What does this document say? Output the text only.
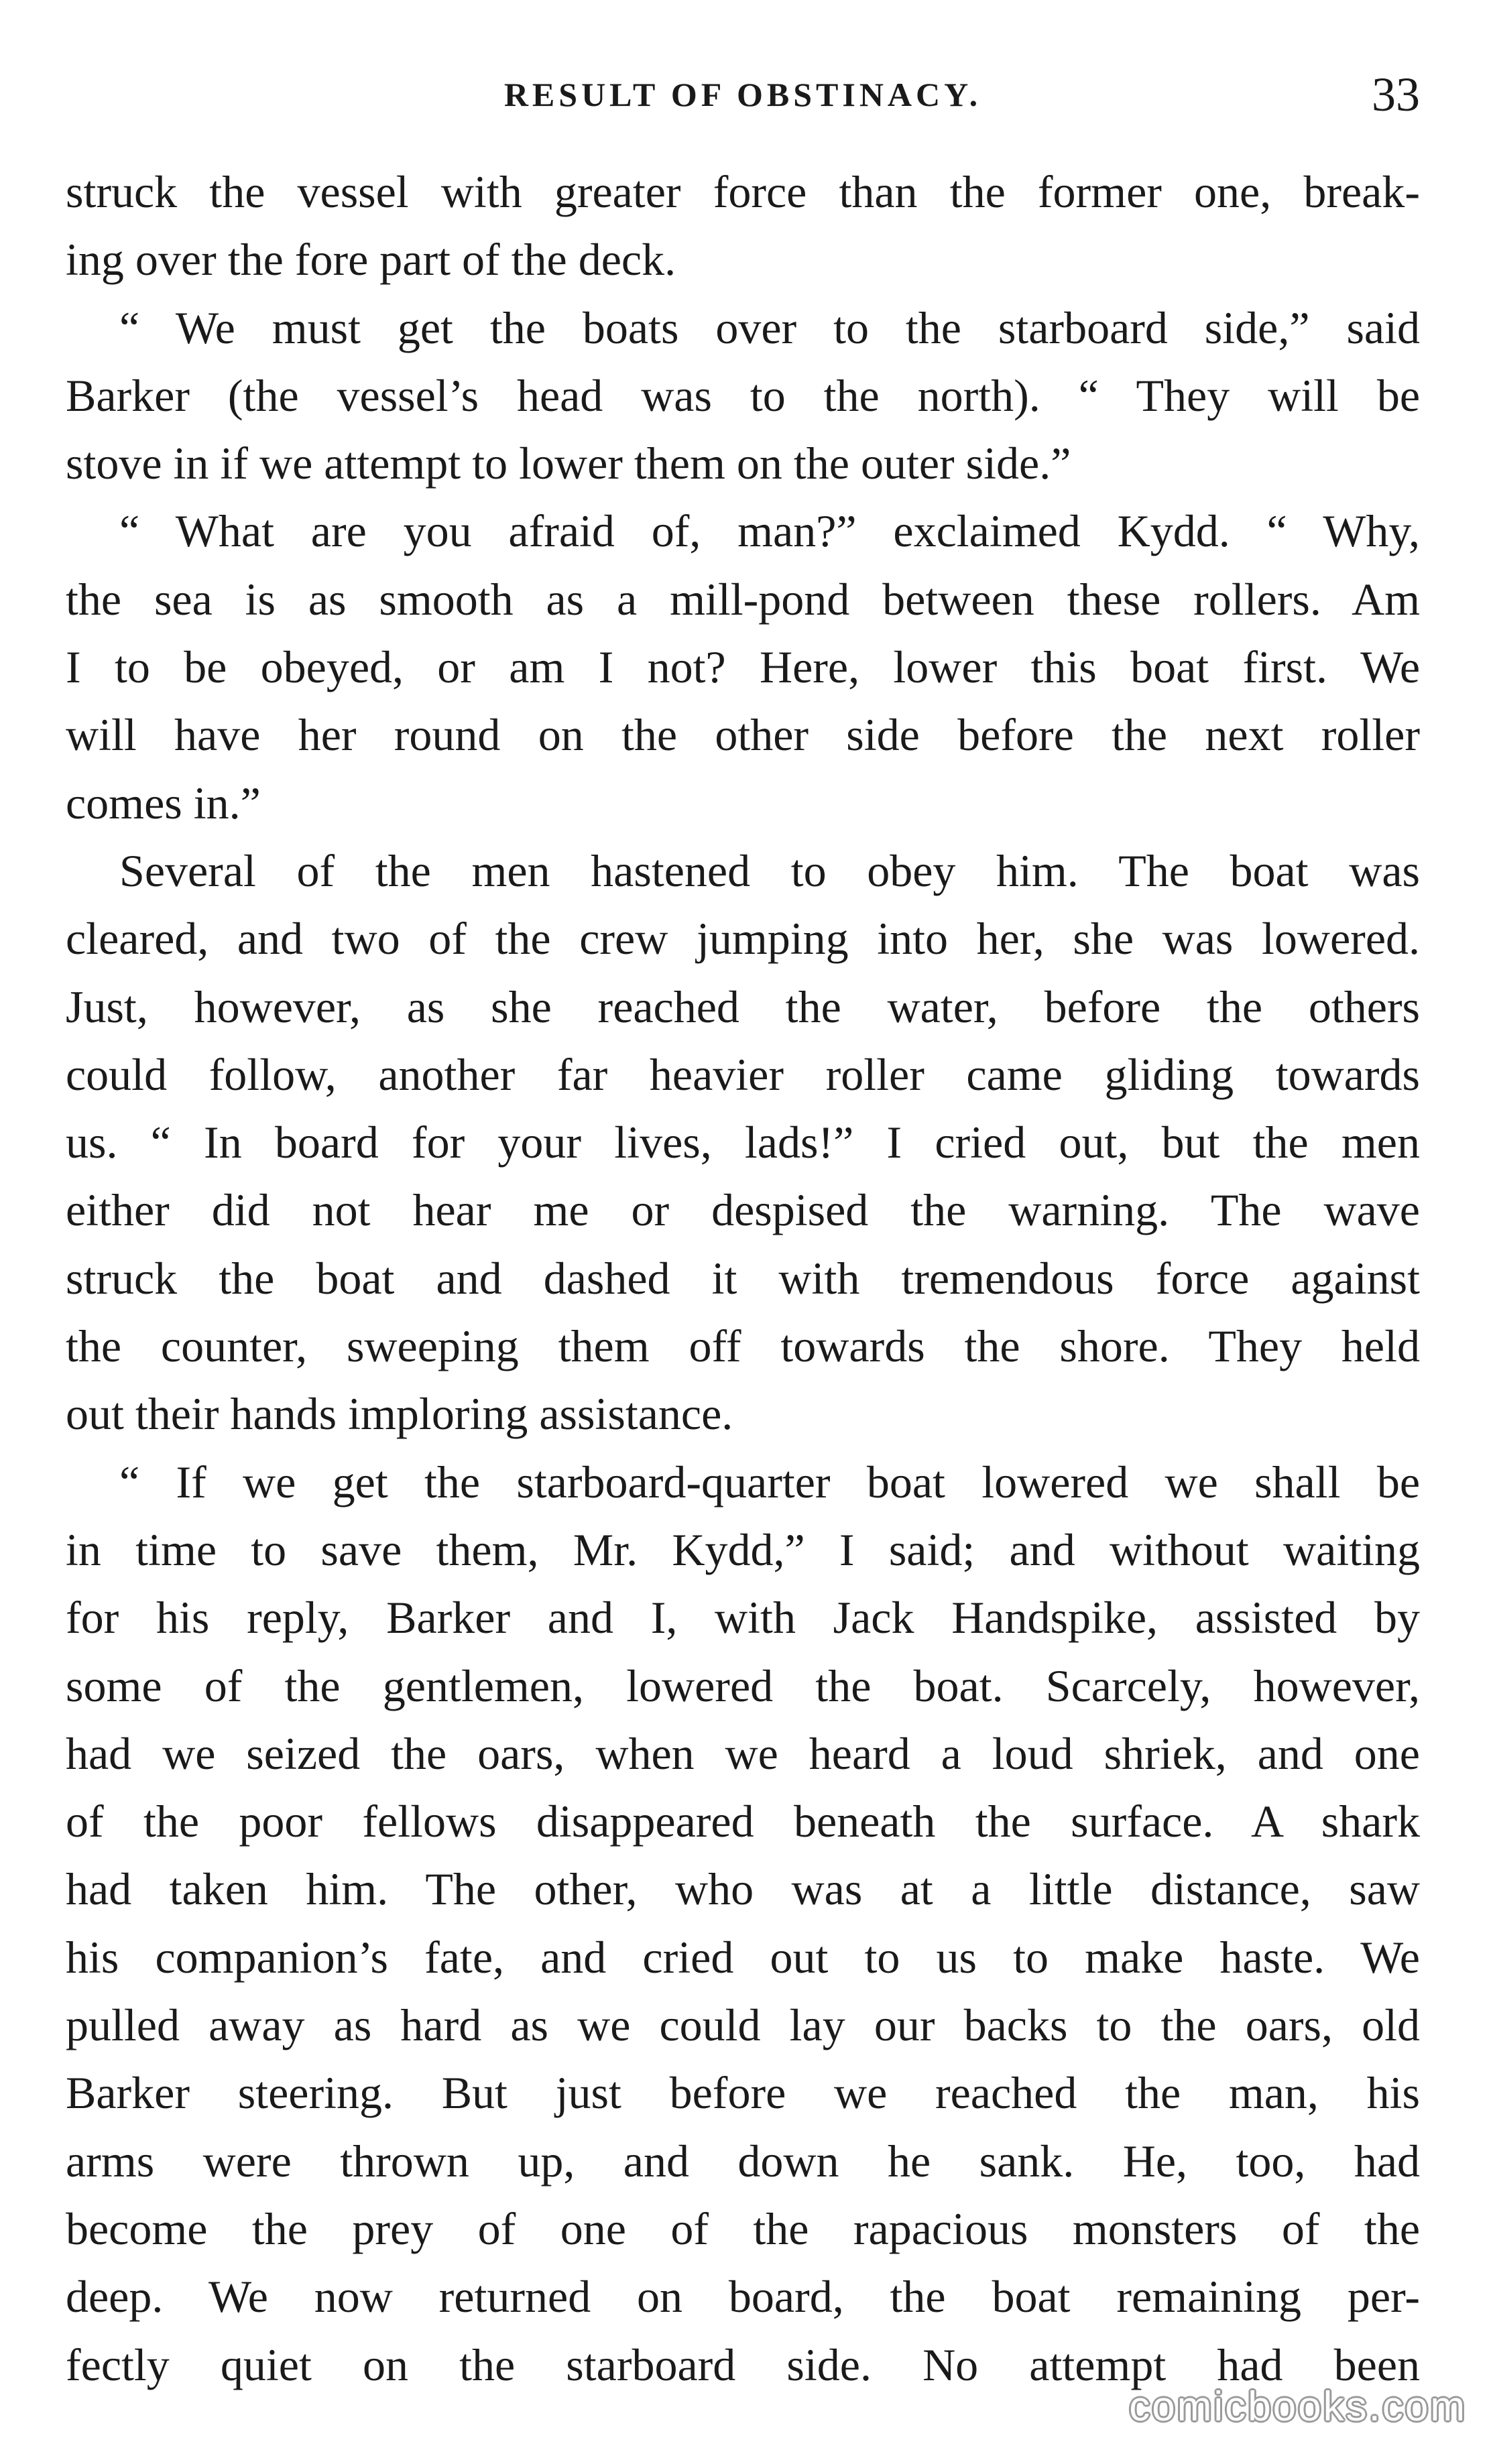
RESULT OF OBSTINACY.	33
struck the vessel with greater force than the former one, break-
ing over the fore part of the deck.
“ We must get the boats over to the starboard side,” said
Barker (the vessel’s head was to the north). “ They will be
stove in if we attempt to lower them on the outer side.”
“ What are you afraid of, man?” exclaimed Kydd. “ Why,
the sea is as smooth as a mill-pond between these rollers. Am
I to be obeyed, or am I not? Here, lower this boat first. We
will have her round on the other side before the next roller
comes in.”
Several of the men hastened to obey him. The boat was
cleared, and two of the crew jumping into her, she was lowered.
Just, however, as she reached the water, before the others
could follow, another far heavier roller came gliding towards
us. “ In board for your lives, lads!” I cried out, but the men
either did not hear me or despised the warning. The wave
struck the boat and dashed it with tremendous force against
the counter, sweeping them off towards the shore. They held
out their hands imploring assistance.
“ If we get the starboard-quarter boat lowered we shall be
in time to save them, Mr. Kydd,” I said; and without waiting
for his reply, Barker and I, with Jack Handspike, assisted by
some of the gentlemen, lowered the boat. Scarcely, however,
had we seized the oars, when we heard a loud shriek, and one
of the poor fellows disappeared beneath the surface. A shark
had taken him. The other, who was at a little distance, saw
his companion’s fate, and cried out to us to make haste. We
pulled away as hard as we could lay our backs to the oars, old
Barker steering. But just before we reached the man, his
arms were thrown up, and down he sank. He, too, had
become the prey of one of the rapacious monsters of the
deep. We now returned on board, the boat remaining per-
fectly quiet on the starboard side. No attempt had been
comicbooks.com
